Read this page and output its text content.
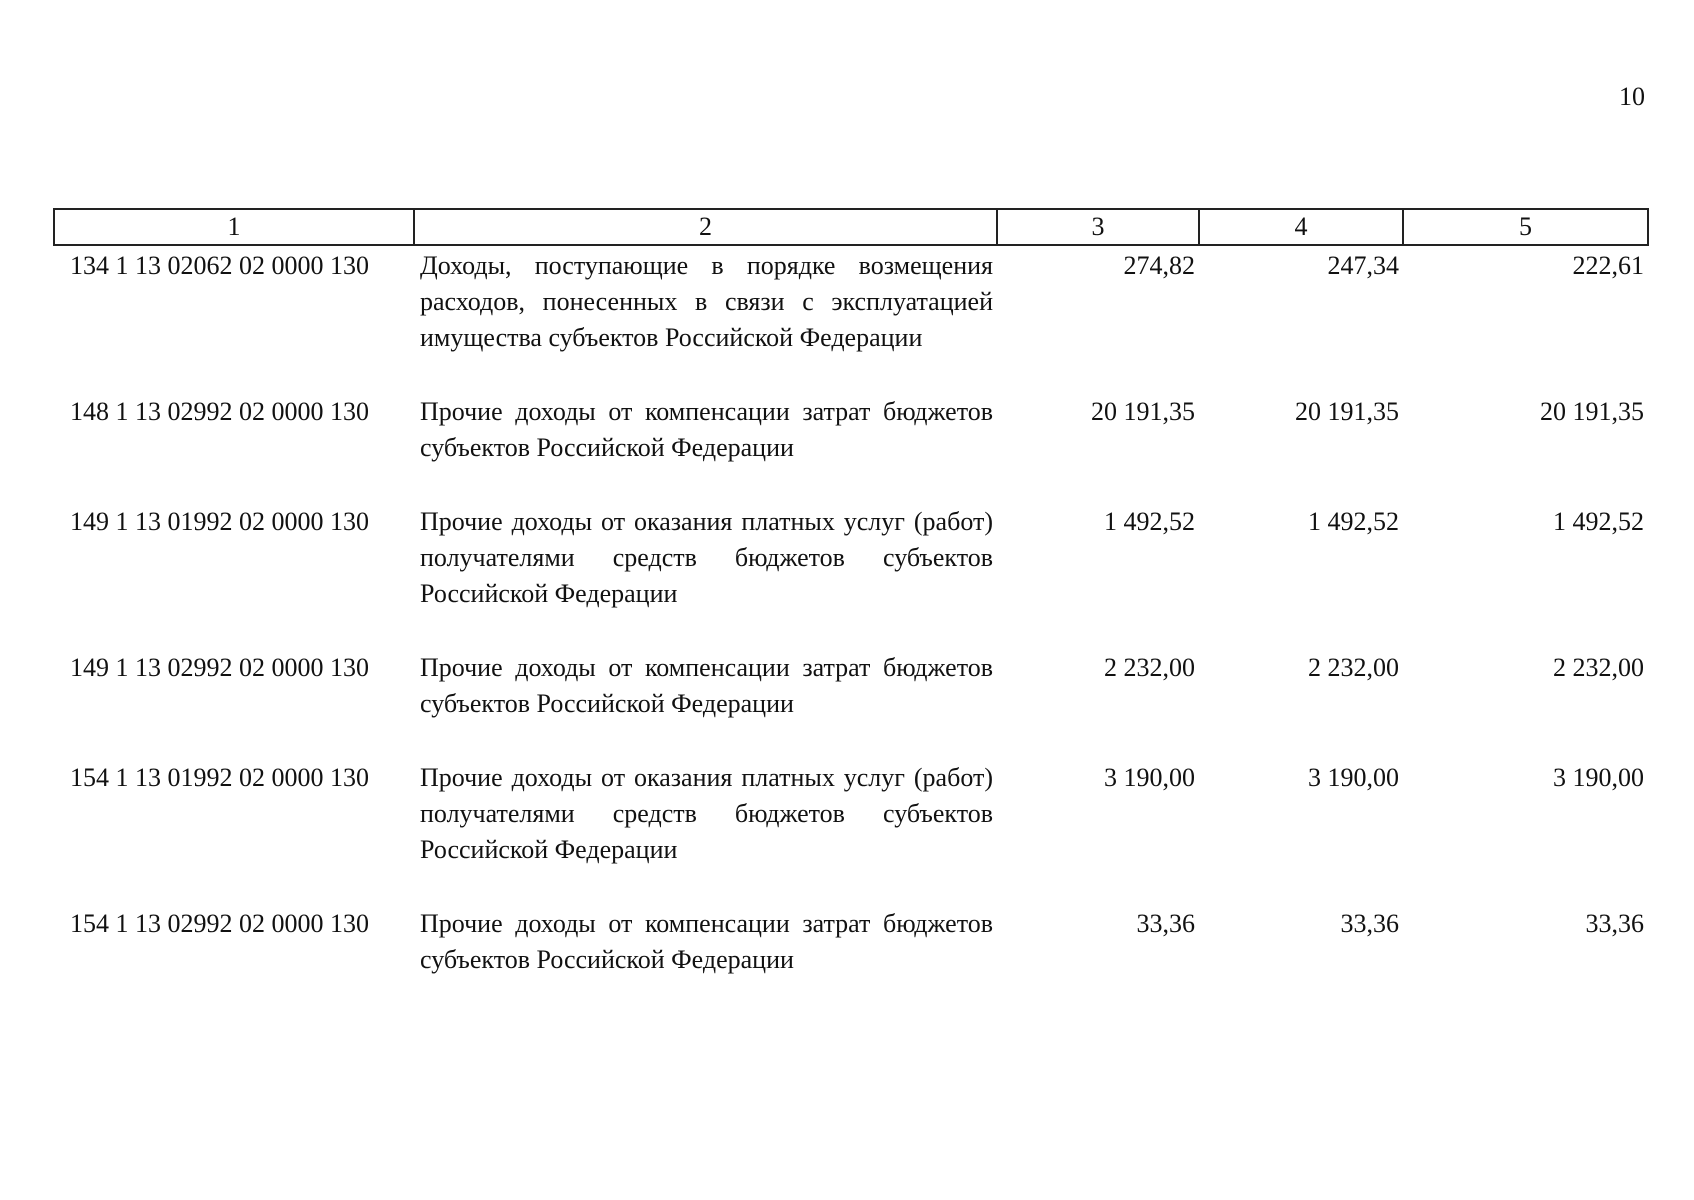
10
1	2	3	4	5
134 1 13 02062 02 0000 130	Доходы, поступающие в порядке возмещения расходов, понесенных в связи с эксплуатацией имущества субъектов Российской Федерации	274,82	247,34	222,61
148 1 13 02992 02 0000 130	Прочие доходы от компенсации затрат бюджетов субъектов Российской Федерации	20 191,35	20 191,35	20 191,35
149 1 13 01992 02 0000 130	Прочие доходы от оказания платных услуг (работ) получателями средств бюджетов субъектов Российской Федерации	1 492,52	1 492,52	1 492,52
149 1 13 02992 02 0000 130	Прочие доходы от компенсации затрат бюджетов субъектов Российской Федерации	2 232,00	2 232,00	2 232,00
154 1 13 01992 02 0000 130	Прочие доходы от оказания платных услуг (работ) получателями средств бюджетов субъектов Российской Федерации	3 190,00	3 190,00	3 190,00
154 1 13 02992 02 0000 130	Прочие доходы от компенсации затрат бюджетов субъектов Российской Федерации	33,36	33,36	33,36
